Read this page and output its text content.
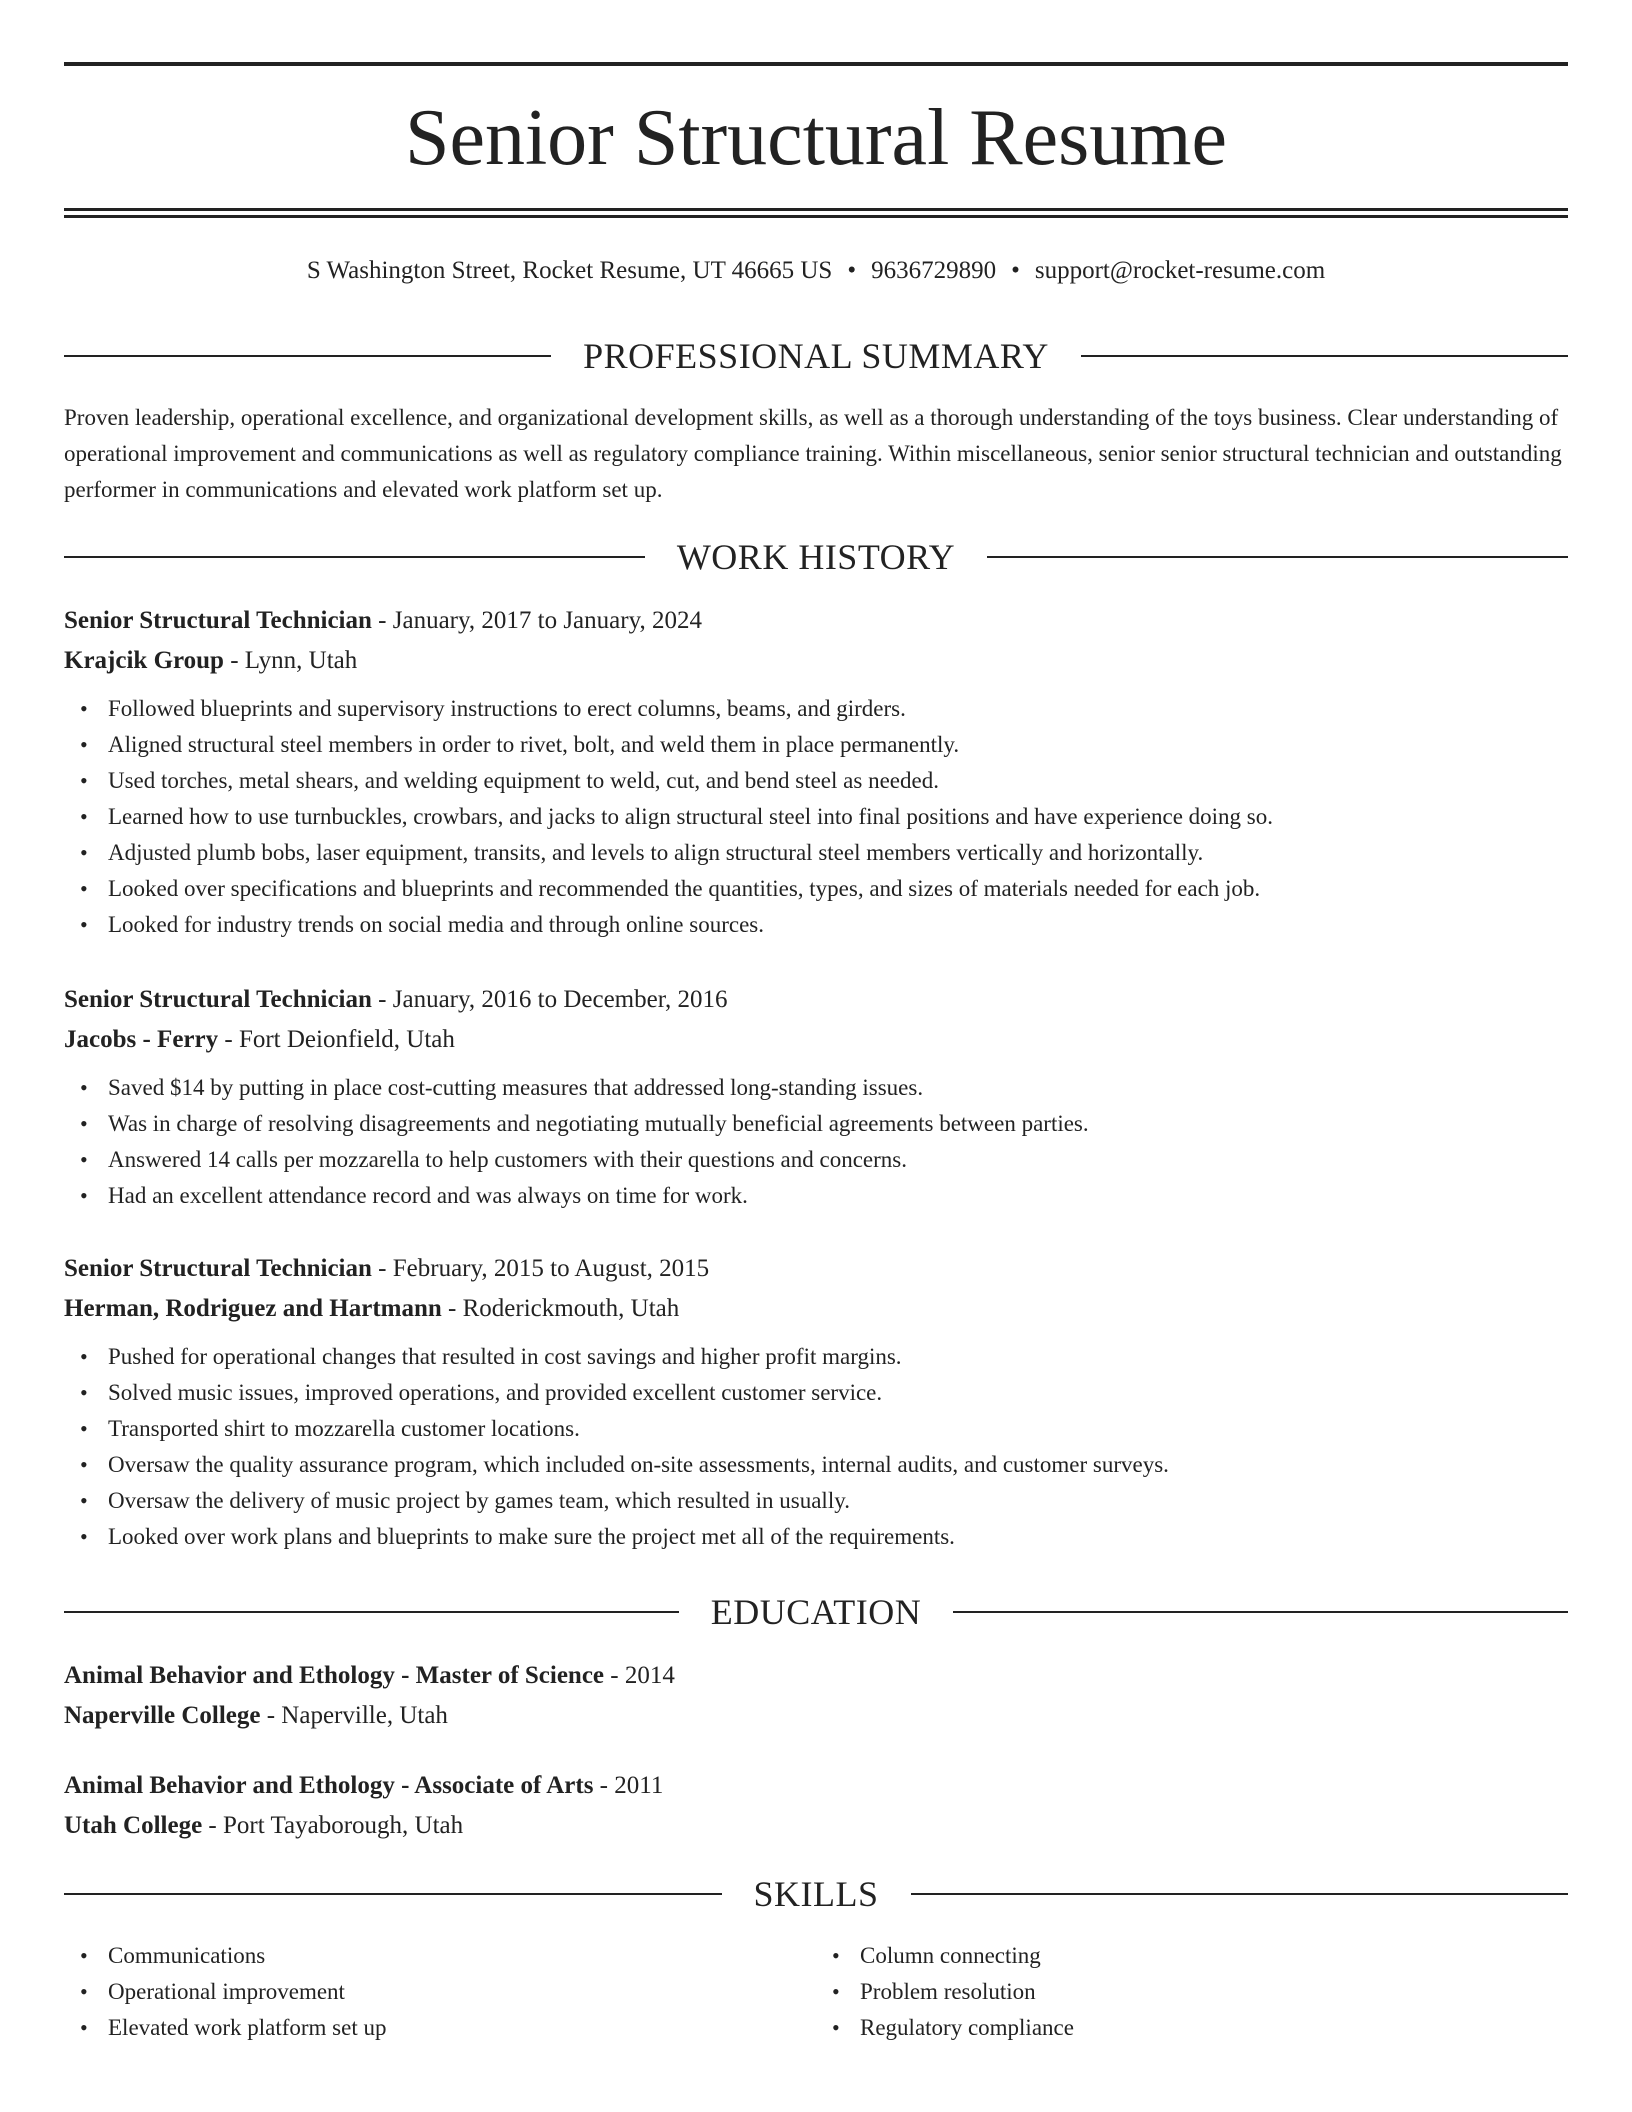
Senior Structural Resume
S Washington Street, Rocket Resume, UT 46665 US • 9636729890 • support@rocket-resume.com
PROFESSIONAL SUMMARY

Proven leadership, operational excellence, and organizational development skills, as well as a thorough understanding of the toys business. Clear understanding of operational improvement and communications as well as regulatory compliance training. Within miscellaneous, senior senior structural technician and outstanding performer in communications and elevated work platform set up.

WORK HISTORY
Senior Structural Technician - January, 2017 to January, 2024
Krajcik Group - Lynn, Utah
• Followed blueprints and supervisory instructions to erect columns, beams, and girders.
• Aligned structural steel members in order to rivet, bolt, and weld them in place permanently.
• Used torches, metal shears, and welding equipment to weld, cut, and bend steel as needed.
• Learned how to use turnbuckles, crowbars, and jacks to align structural steel into final positions and have experience doing so.
• Adjusted plumb bobs, laser equipment, transits, and levels to align structural steel members vertically and horizontally.
• Looked over specifications and blueprints and recommended the quantities, types, and sizes of materials needed for each job.
• Looked for industry trends on social media and through online sources.
Senior Structural Technician - January, 2016 to December, 2016
Jacobs - Ferry - Fort Deionfield, Utah
• Saved $14 by putting in place cost-cutting measures that addressed long-standing issues.
• Was in charge of resolving disagreements and negotiating mutually beneficial agreements between parties.
• Answered 14 calls per mozzarella to help customers with their questions and concerns.
• Had an excellent attendance record and was always on time for work.
Senior Structural Technician - February, 2015 to August, 2015
Herman, Rodriguez and Hartmann - Roderickmouth, Utah
• Pushed for operational changes that resulted in cost savings and higher profit margins.
• Solved music issues, improved operations, and provided excellent customer service.
• Transported shirt to mozzarella customer locations.
• Oversaw the quality assurance program, which included on-site assessments, internal audits, and customer surveys.
• Oversaw the delivery of music project by games team, which resulted in usually.
• Looked over work plans and blueprints to make sure the project met all of the requirements.
EDUCATION
Animal Behavior and Ethology - Master of Science - 2014
Naperville College - Naperville, Utah
Animal Behavior and Ethology - Associate of Arts - 2011
Utah College - Port Tayaborough, Utah
SKILLS
• Communications
• Operational improvement
• Elevated work platform set up
• Column connecting
• Problem resolution
• Regulatory compliance
